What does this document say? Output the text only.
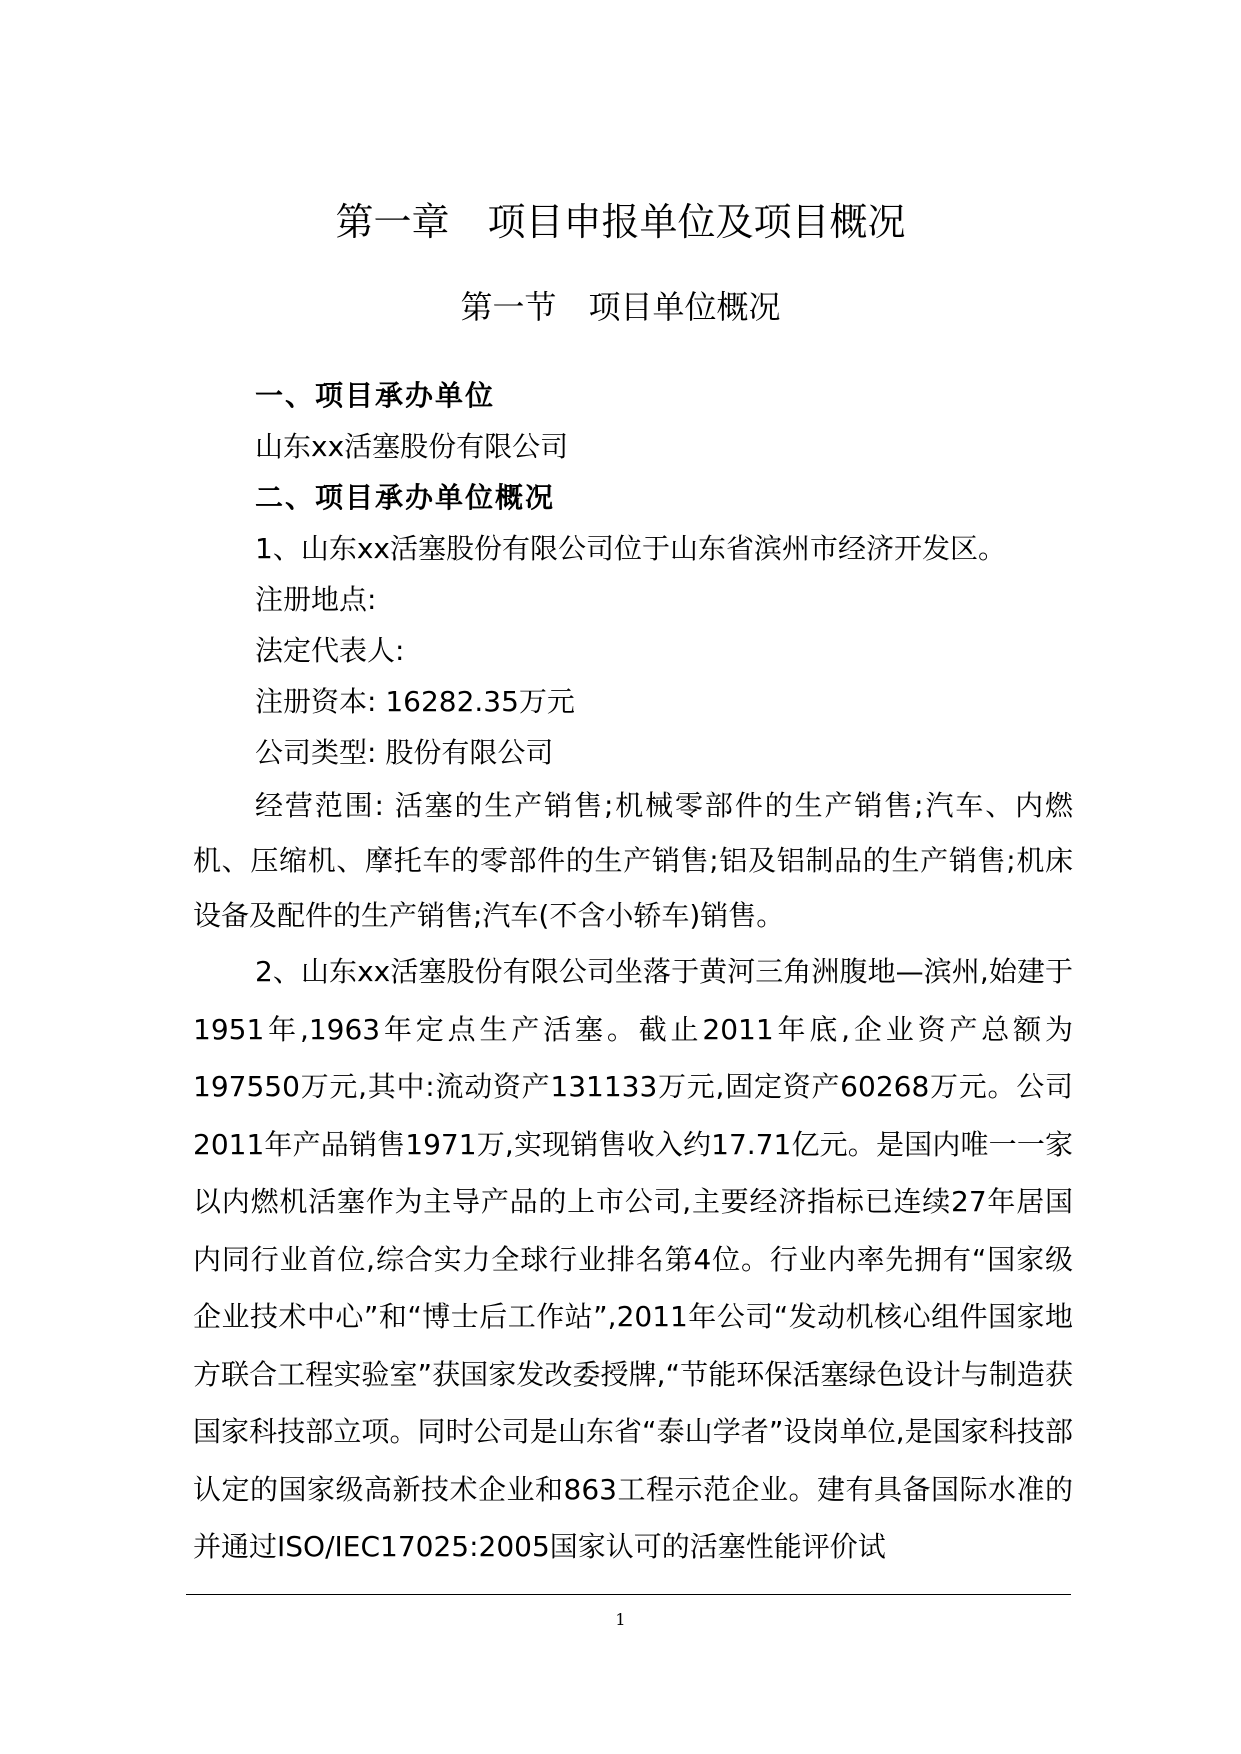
第一章　项目申报单位及项目概况
第一节　项目单位概况
一、项目承办单位
山东xx活塞股份有限公司
二、项目承办单位概况
1、山东xx活塞股份有限公司位于山东省滨州市经济开发区。
注册地点:
法定代表人:
注册资本: 16282.35万元
公司类型: 股份有限公司

经营范围: 活塞的生产销售;机械零部件的生产销售;汽车、内燃机、压缩机、摩托车的零部件的生产销售;铝及铝制品的生产销售;机床设备及配件的生产销售;汽车(不含小轿车)销售。

2、山东xx活塞股份有限公司坐落于黄河三角洲腹地—滨州,始建于1951年,1963年定点生产活塞。截止2011年底,企业资产总额为197550万元,其中:流动资产131133万元,固定资产60268万元。公司2011年产品销售1971万,实现销售收入约17.71亿元。是国内唯一一家以内燃机活塞作为主导产品的上市公司,主要经济指标已连续27年居国内同行业首位,综合实力全球行业排名第4位。行业内率先拥有“国家级企业技术中心”和“博士后工作站”,2011年公司“发动机核心组件国家地方联合工程实验室”获国家发改委授牌,“节能环保活塞绿色设计与制造获国家科技部立项。同时公司是山东省“泰山学者”设岗单位,是国家科技部认定的国家级高新技术企业和863工程示范企业。建有具备国际水准的并通过ISO/IEC17025:2005国家认可的活塞性能评价试

1
